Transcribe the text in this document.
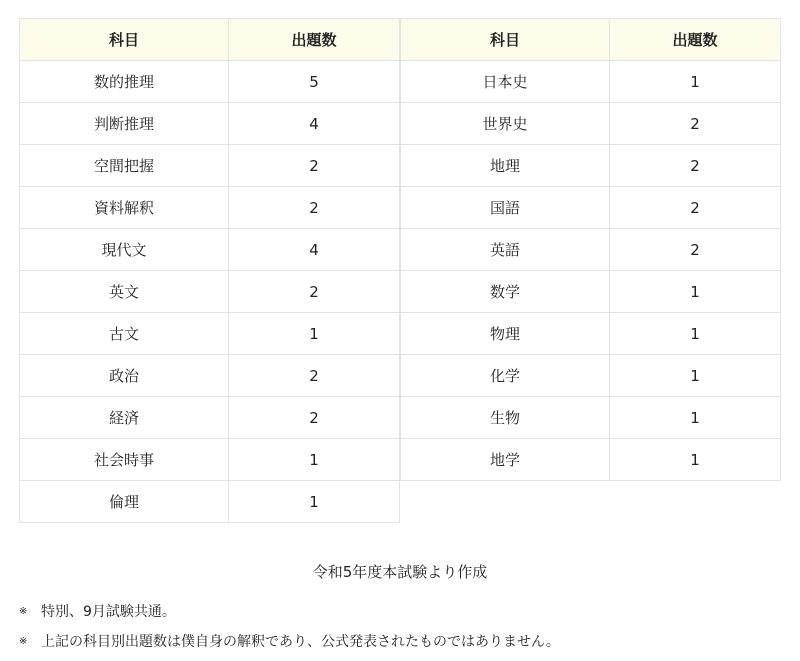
科目	出題数
数的推理	5
判断推理	4
空間把握	2
資料解釈	2
現代文	4
英文	2
古文	1
政治	2
経済	2
社会時事	1
倫理	1
科目	出題数
日本史	1
世界史	2
地理	2
国語	2
英語	2
数学	1
物理	1
化学	1
生物	1
地学	1
令和5年度本試験より作成
※ 特別、9月試験共通。
※ 上記の科目別出題数は僕自身の解釈であり、公式発表されたものではありません。
